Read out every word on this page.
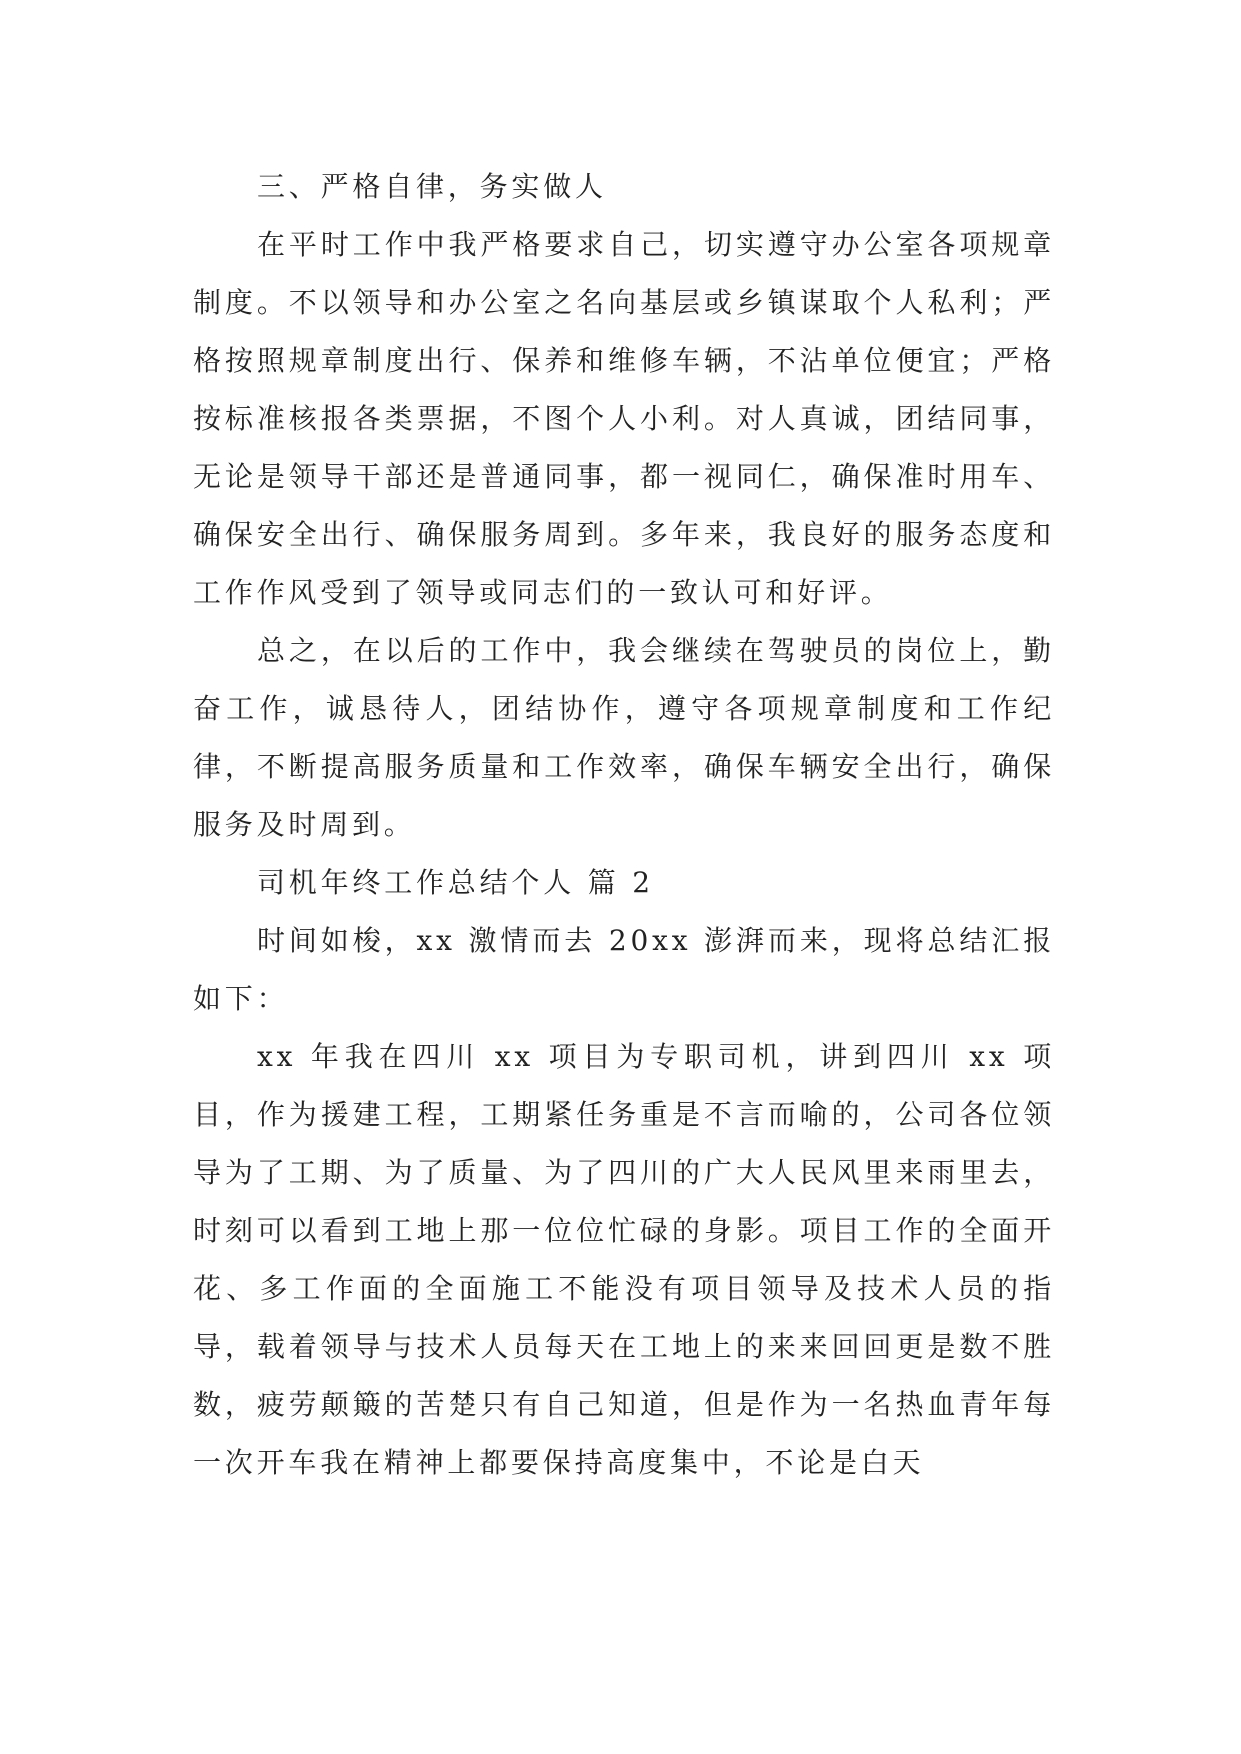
三、严格自律，务实做人

在平时工作中我严格要求自己，切实遵守办公室各项规章制度。不以领导和办公室之名向基层或乡镇谋取个人私利；严格按照规章制度出行、保养和维修车辆，不沾单位便宜；严格按标准核报各类票据，不图个人小利。对人真诚，团结同事，无论是领导干部还是普通同事，都一视同仁，确保准时用车、确保安全出行、确保服务周到。多年来，我良好的服务态度和工作作风受到了领导或同志们的一致认可和好评。

总之，在以后的工作中，我会继续在驾驶员的岗位上，勤奋工作，诚恳待人，团结协作，遵守各项规章制度和工作纪律，不断提高服务质量和工作效率，确保车辆安全出行，确保服务及时周到。

司机年终工作总结个人 篇 2

时间如梭，xx 激情而去 20xx 澎湃而来，现将总结汇报如下：

xx 年我在四川 xx 项目为专职司机，讲到四川 xx 项目，作为援建工程，工期紧任务重是不言而喻的，公司各位领导为了工期、为了质量、为了四川的广大人民风里来雨里去，时刻可以看到工地上那一位位忙碌的身影。项目工作的全面开花、多工作面的全面施工不能没有项目领导及技术人员的指导，载着领导与技术人员每天在工地上的来来回回更是数不胜数，疲劳颠簸的苦楚只有自己知道，但是作为一名热血青年每一次开车我在精神上都要保持高度集中，不论是白天
